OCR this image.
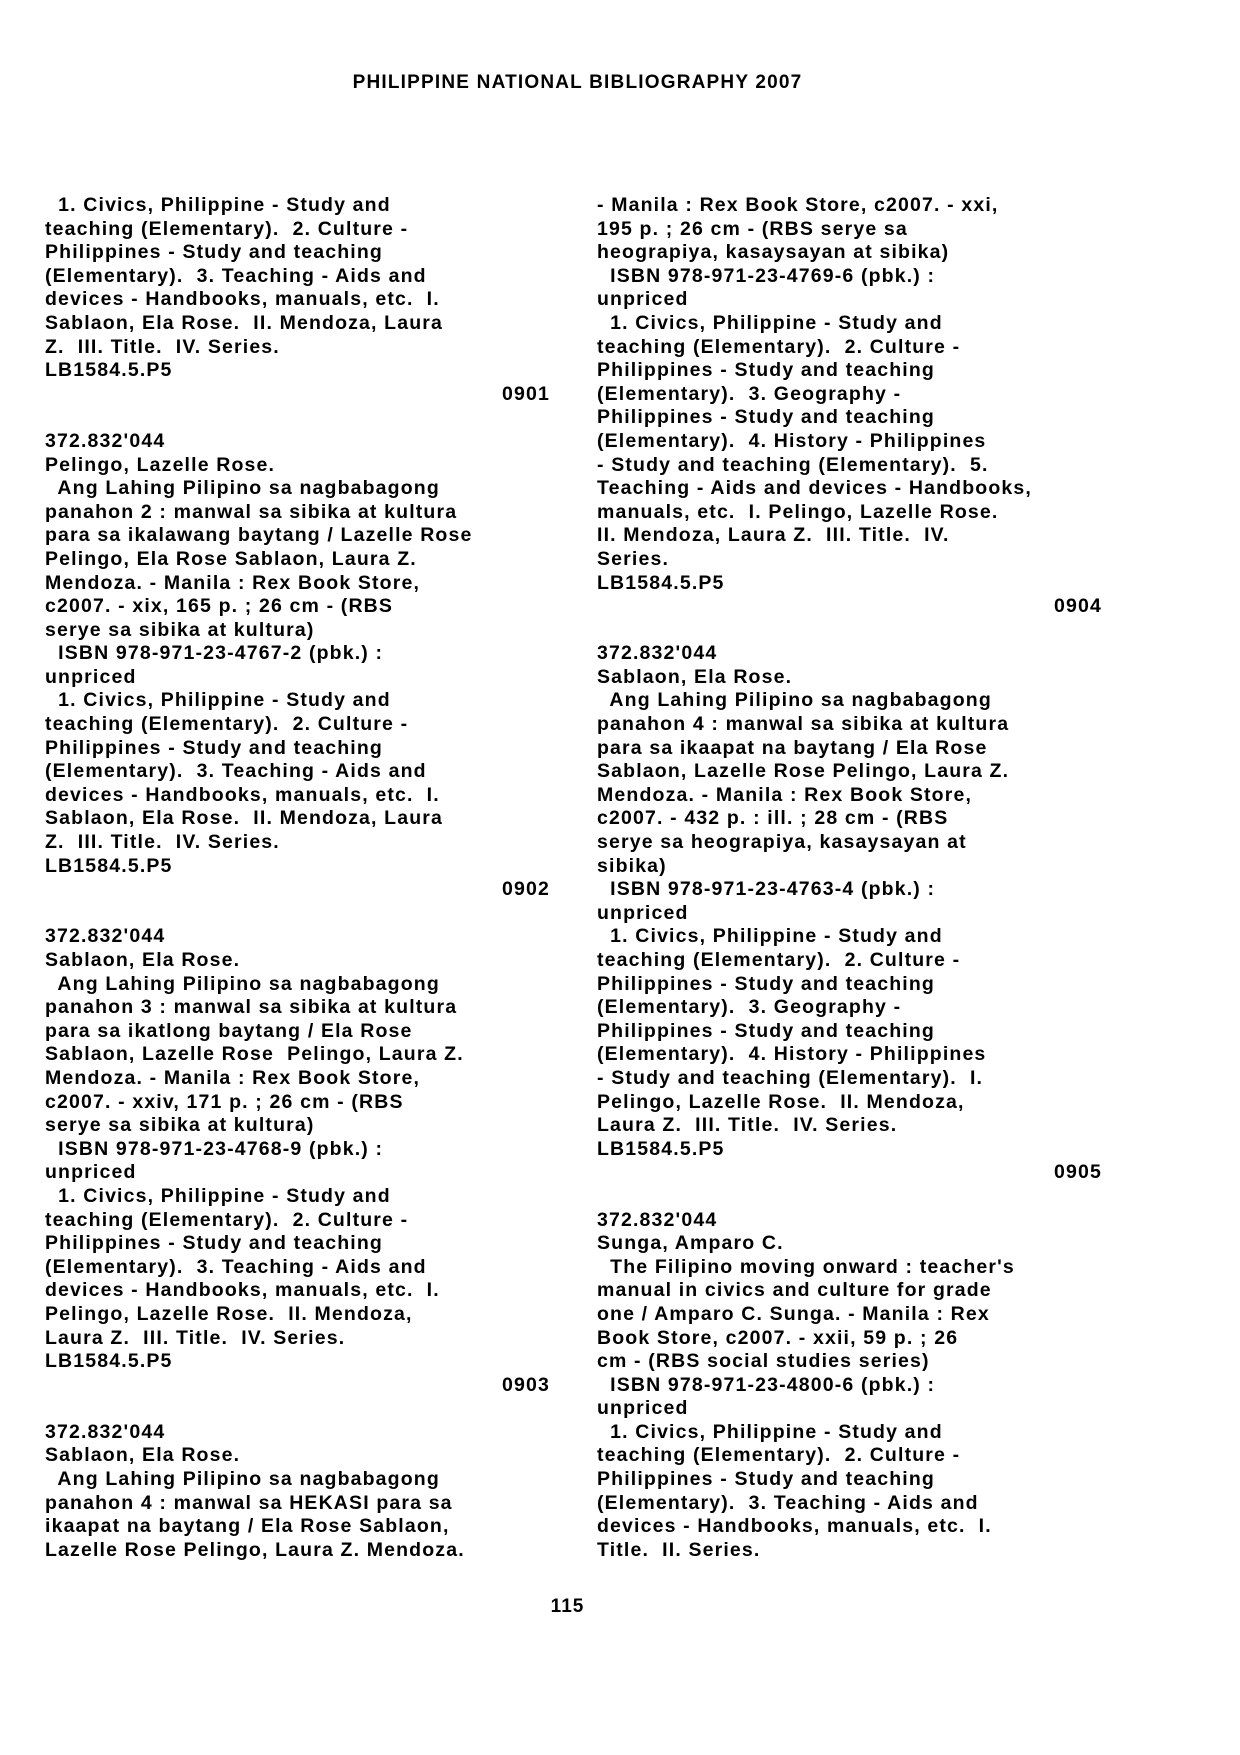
PHILIPPINE NATIONAL BIBLIOGRAPHY 2007
1. Civics, Philippine - Study and
teaching (Elementary).  2. Culture -
Philippines - Study and teaching
(Elementary).  3. Teaching - Aids and
devices - Handbooks, manuals, etc.  I.
Sablaon, Ela Rose.  II. Mendoza, Laura
Z.  III. Title.  IV. Series.
LB1584.5.P5
0901
372.832'044
Pelingo, Lazelle Rose.
Ang Lahing Pilipino sa nagbabagong
panahon 2 : manwal sa sibika at kultura
para sa ikalawang baytang / Lazelle Rose
Pelingo, Ela Rose Sablaon, Laura Z.
Mendoza. - Manila : Rex Book Store,
c2007. - xix, 165 p. ; 26 cm - (RBS
serye sa sibika at kultura)
ISBN 978-971-23-4767-2 (pbk.) :
unpriced
1. Civics, Philippine - Study and
teaching (Elementary).  2. Culture -
Philippines - Study and teaching
(Elementary).  3. Teaching - Aids and
devices - Handbooks, manuals, etc.  I.
Sablaon, Ela Rose.  II. Mendoza, Laura
Z.  III. Title.  IV. Series.
LB1584.5.P5
0902
372.832'044
Sablaon, Ela Rose.
Ang Lahing Pilipino sa nagbabagong
panahon 3 : manwal sa sibika at kultura
para sa ikatlong baytang / Ela Rose
Sablaon, Lazelle Rose  Pelingo, Laura Z.
Mendoza. - Manila : Rex Book Store,
c2007. - xxiv, 171 p. ; 26 cm - (RBS
serye sa sibika at kultura)
ISBN 978-971-23-4768-9 (pbk.) :
unpriced
1. Civics, Philippine - Study and
teaching (Elementary).  2. Culture -
Philippines - Study and teaching
(Elementary).  3. Teaching - Aids and
devices - Handbooks, manuals, etc.  I.
Pelingo, Lazelle Rose.  II. Mendoza,
Laura Z.  III. Title.  IV. Series.
LB1584.5.P5
0903
372.832'044
Sablaon, Ela Rose.
Ang Lahing Pilipino sa nagbabagong
panahon 4 : manwal sa HEKASI para sa
ikaapat na baytang / Ela Rose Sablaon,
Lazelle Rose Pelingo, Laura Z. Mendoza.
- Manila : Rex Book Store, c2007. - xxi,
195 p. ; 26 cm - (RBS serye sa
heograpiya, kasaysayan at sibika)
ISBN 978-971-23-4769-6 (pbk.) :
unpriced
1. Civics, Philippine - Study and
teaching (Elementary).  2. Culture -
Philippines - Study and teaching
(Elementary).  3. Geography -
Philippines - Study and teaching
(Elementary).  4. History - Philippines
- Study and teaching (Elementary).  5.
Teaching - Aids and devices - Handbooks,
manuals, etc.  I. Pelingo, Lazelle Rose.
II. Mendoza, Laura Z.  III. Title.  IV.
Series.
LB1584.5.P5
0904
372.832'044
Sablaon, Ela Rose.
Ang Lahing Pilipino sa nagbabagong
panahon 4 : manwal sa sibika at kultura
para sa ikaapat na baytang / Ela Rose
Sablaon, Lazelle Rose Pelingo, Laura Z.
Mendoza. - Manila : Rex Book Store,
c2007. - 432 p. : ill. ; 28 cm - (RBS
serye sa heograpiya, kasaysayan at
sibika)
ISBN 978-971-23-4763-4 (pbk.) :
unpriced
1. Civics, Philippine - Study and
teaching (Elementary).  2. Culture -
Philippines - Study and teaching
(Elementary).  3. Geography -
Philippines - Study and teaching
(Elementary).  4. History - Philippines
- Study and teaching (Elementary).  I.
Pelingo, Lazelle Rose.  II. Mendoza,
Laura Z.  III. Title.  IV. Series.
LB1584.5.P5
0905
372.832'044
Sunga, Amparo C.
The Filipino moving onward : teacher's
manual in civics and culture for grade
one / Amparo C. Sunga. - Manila : Rex
Book Store, c2007. - xxii, 59 p. ; 26
cm - (RBS social studies series)
ISBN 978-971-23-4800-6 (pbk.) :
unpriced
1. Civics, Philippine - Study and
teaching (Elementary).  2. Culture -
Philippines - Study and teaching
(Elementary).  3. Teaching - Aids and
devices - Handbooks, manuals, etc.  I.
Title.  II. Series.
115
